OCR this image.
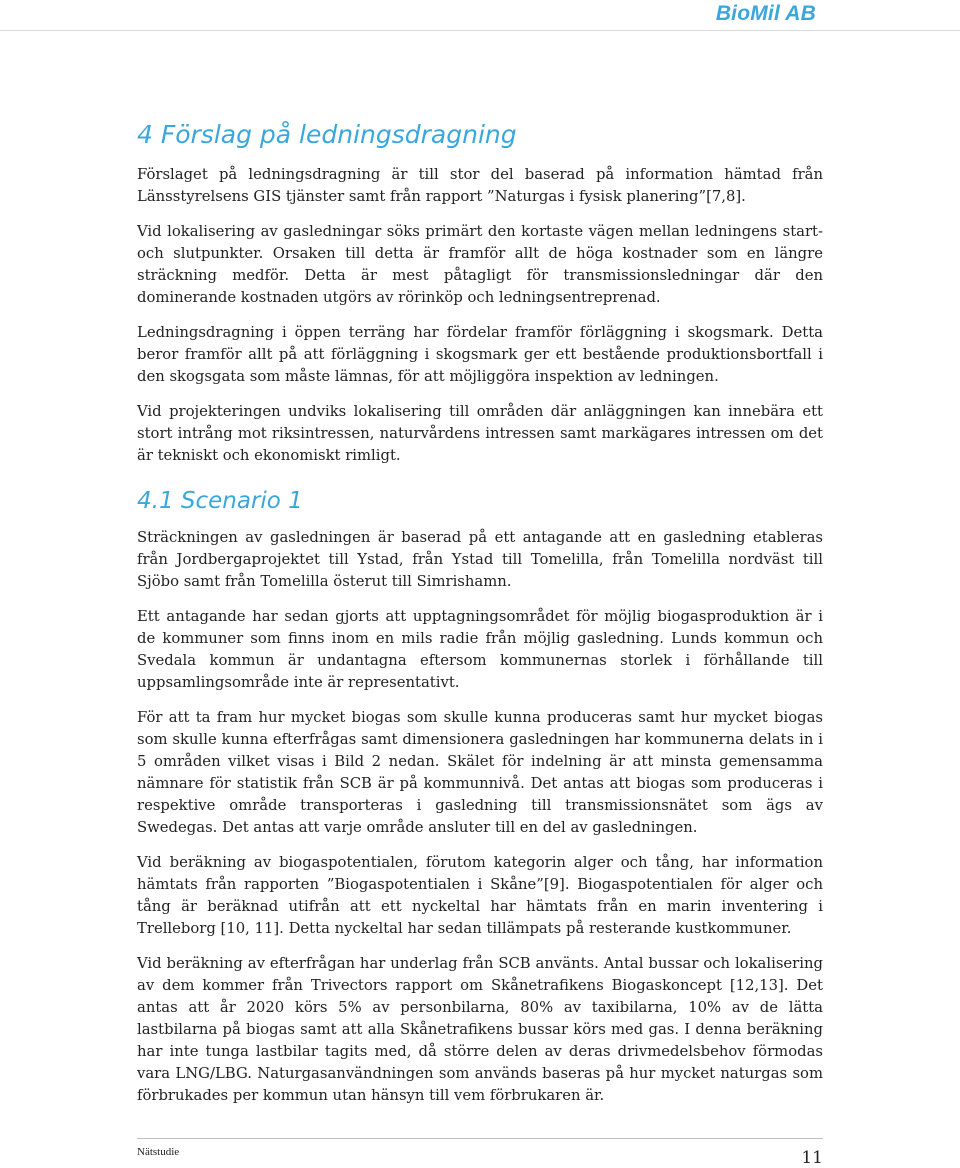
BioMil AB
4 Förslag på ledningsdragning

Förslaget på ledningsdragning är till stor del baserad på information hämtad från Länsstyrelsens GIS tjänster samt från rapport ”Naturgas i fysisk planering”[7,8].

Vid lokalisering av gasledningar söks primärt den kortaste vägen mellan ledningens start- och slutpunkter. Orsaken till detta är framför allt de höga kostnader som en längre sträckning medför. Detta är mest påtagligt för transmissionsledningar där den dominerande kostnaden utgörs av rörinköp och ledningsentreprenad.

Ledningsdragning i öppen terräng har fördelar framför förläggning i skogsmark. Detta beror framför allt på att förläggning i skogsmark ger ett bestående produktionsbortfall i den skogsgata som måste lämnas, för att möjliggöra inspektion av ledningen.

Vid projekteringen undviks lokalisering till områden där anläggningen kan innebära ett stort intrång mot riksintressen, naturvårdens intressen samt markägares intressen om det är tekniskt och ekonomiskt rimligt.

4.1 Scenario 1

Sträckningen av gasledningen är baserad på ett antagande att en gasledning etableras från Jordbergaprojektet till Ystad, från Ystad till Tomelilla, från Tomelilla nordväst till Sjöbo samt från Tomelilla österut till Simrishamn.

Ett antagande har sedan gjorts att upptagningsområdet för möjlig biogasproduktion är i de kommuner som finns inom en mils radie från möjlig gasledning. Lunds kommun och Svedala kommun är undantagna eftersom kommunernas storlek i förhållande till uppsamlingsområde inte är representativt.

För att ta fram hur mycket biogas som skulle kunna produceras samt hur mycket biogas som skulle kunna efterfrågas samt dimensionera gasledningen har kommunerna delats in i 5 områden vilket visas i Bild 2 nedan. Skälet för indelning är att minsta gemensamma nämnare för statistik från SCB är på kommunnivå. Det antas att biogas som produceras i respektive område transporteras i gasledning till transmissionsnätet som ägs av Swedegas. Det antas att varje område ansluter till en del av gasledningen.

Vid beräkning av biogaspotentialen, förutom kategorin alger och tång, har information hämtats från rapporten ”Biogaspotentialen i Skåne”[9]. Biogaspotentialen för alger och tång är beräknad utifrån att ett nyckeltal har hämtats från en marin inventering i Trelleborg [10, 11]. Detta nyckeltal har sedan tillämpats på resterande kustkommuner.

Vid beräkning av efterfrågan har underlag från SCB använts. Antal bussar och lokalisering av dem kommer från Trivectors rapport om Skånetrafikens Biogaskoncept [12,13]. Det antas att år 2020 körs 5% av personbilarna, 80% av taxibilarna, 10% av de lätta lastbilarna på biogas samt att alla Skånetrafikens bussar körs med gas. I denna beräkning har inte tunga lastbilar tagits med, då större delen av deras drivmedelsbehov förmodas vara LNG/LBG. Naturgasanvändningen som används baseras på hur mycket naturgas som förbrukades per kommun utan hänsyn till vem förbrukaren är.

Nätstudie	11
